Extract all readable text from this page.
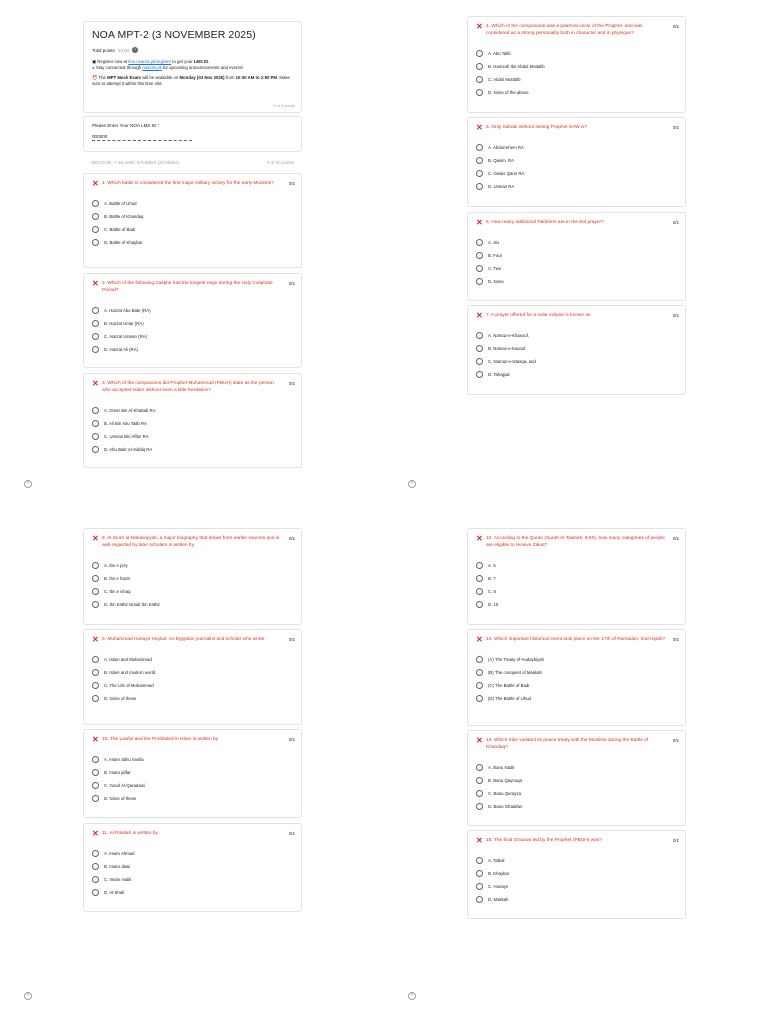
NOA MPT-2 (3 NOVEMBER 2025)
Total points 0/100	?
▣ Register now at lms.noacss.pk/register to get your LMS ID.
● Stay connected through noacss.pk for upcoming announcements and events!
⏰ The MPT Mock Exam will be available on Monday (03 Nov 2025) from 10:30 AM to 1:50 PM. Make sure to attempt it within this time slot.
0 of 0 points
Please Enter Your NOA LMS ID *
000000
SECTION - I ISLAMIC STUDIES (20 Marks)	0 of 20 points
✕ 1. Which battle is considered the first major military victory for the early Muslims?	0/1
A. Battle of Uhud
B. Battle of Khandaq
C. Battle of Badr
D. Battle of Khaybar
✕ 2. Which of the following Caliphs had the longest reign during the Holy Caliphate Period?
0/1
A. Hazrat Abu Bakr (RA)
B. Hazrat Umar (RA)
C. Hazrat Usman (RA)
D. Hazrat Ali (RA)
✕ 3. Which of the companions did Prophet Muhammad (PBUH) state as the person who accepted Islam without even a little hesitation?
0/1
A. Omar Bin Al-Khattab RA
B. Ali Bin Abu Talib RA
C. Usman Bin Affan RA
D. Abu Bakr Al-Siddiq RA
?
✕ 4. Which of the companions was a paternal uncle of the Prophet, and was considered as a strong personality both in character and in physique?
0/1
A. Abu Talib
B. Hamzah Ibn Abdul Muttalib
C. Abdul Muttalib
D. None of the above
✕ 5. Only Sahabi without seeing Prophet SAW is?	0/1
A. Abdurrehem RA
B. Qasim. RA
C. Owais Qarni RA
D. Usman RA
✕ 6. How many additional Takbeers are in the Eid prayer?	0/1
A. Six
B. Four
C. Two
D. None
✕ 7. A prayer offered for a solar eclipse is known as	0/1
A. Namaz-e-Khasoof,
B. Namaz-e-Kasoof
C. Namaz-e-Istasqa, and
D. Tahajjud.
?
✕ 8. Al-Sirah al-Nabawiyyah, a major biography that draws from earlier sources and is well-regarded by later scholars is written by
0/1
A. Ibn e jozy
B. Ibn e hazm
C. Ibn e ishaq
D. Ibn Kathir Ismail Ibn Kathir
✕ 9. Muhammad Husayn Haykal: An Egyptian journalist and scholar who wrote	0/1
A. Islam and Muhammad
B. Islam and modern world
C. The Life of Muhammad
D. None of these
✕ 10. The Lawful and the Prohibited in Islam is written by	0/1
A. Imam abhu hanifa
B. Imam jaffar
C. Yusuf Al-Qaradawi
D. None of these
✕ 11. Al-Risalah is written by	0/1
A. Imam Ahmad
B. Imam dawi
C. Imam malik
D. Al-Shafi
?
✕ 12. According to the Quran (Surah Al-Tawbah, 9:60), how many categories of people are eligible to receive Zakat?
0/1
A. 5
B. 7
C. 8
D. 10
✕ 13. Which important historical event took place on the 17th of Ramadan, 2nd Hijrah?	0/1
(A) The Treaty of Hudaybiyah
(B) The conquest of Makkah
(C) The Battle of Badr
(D) The Battle of Uhud
✕ 14. Which tribe violated its peace treaty with the Muslims during the Battle of Khandaq?
0/1
A. Banu Nadir
B. Banu Qaynuqa
C. Banu Qurayza
D. Banu Ghatafan
✕ 15. The final Ghazwa led by the Prophet (PBUH) was?	0/1
A. Tabuk
B. Khaybar
C. Hunayn
D. Makkah
?
